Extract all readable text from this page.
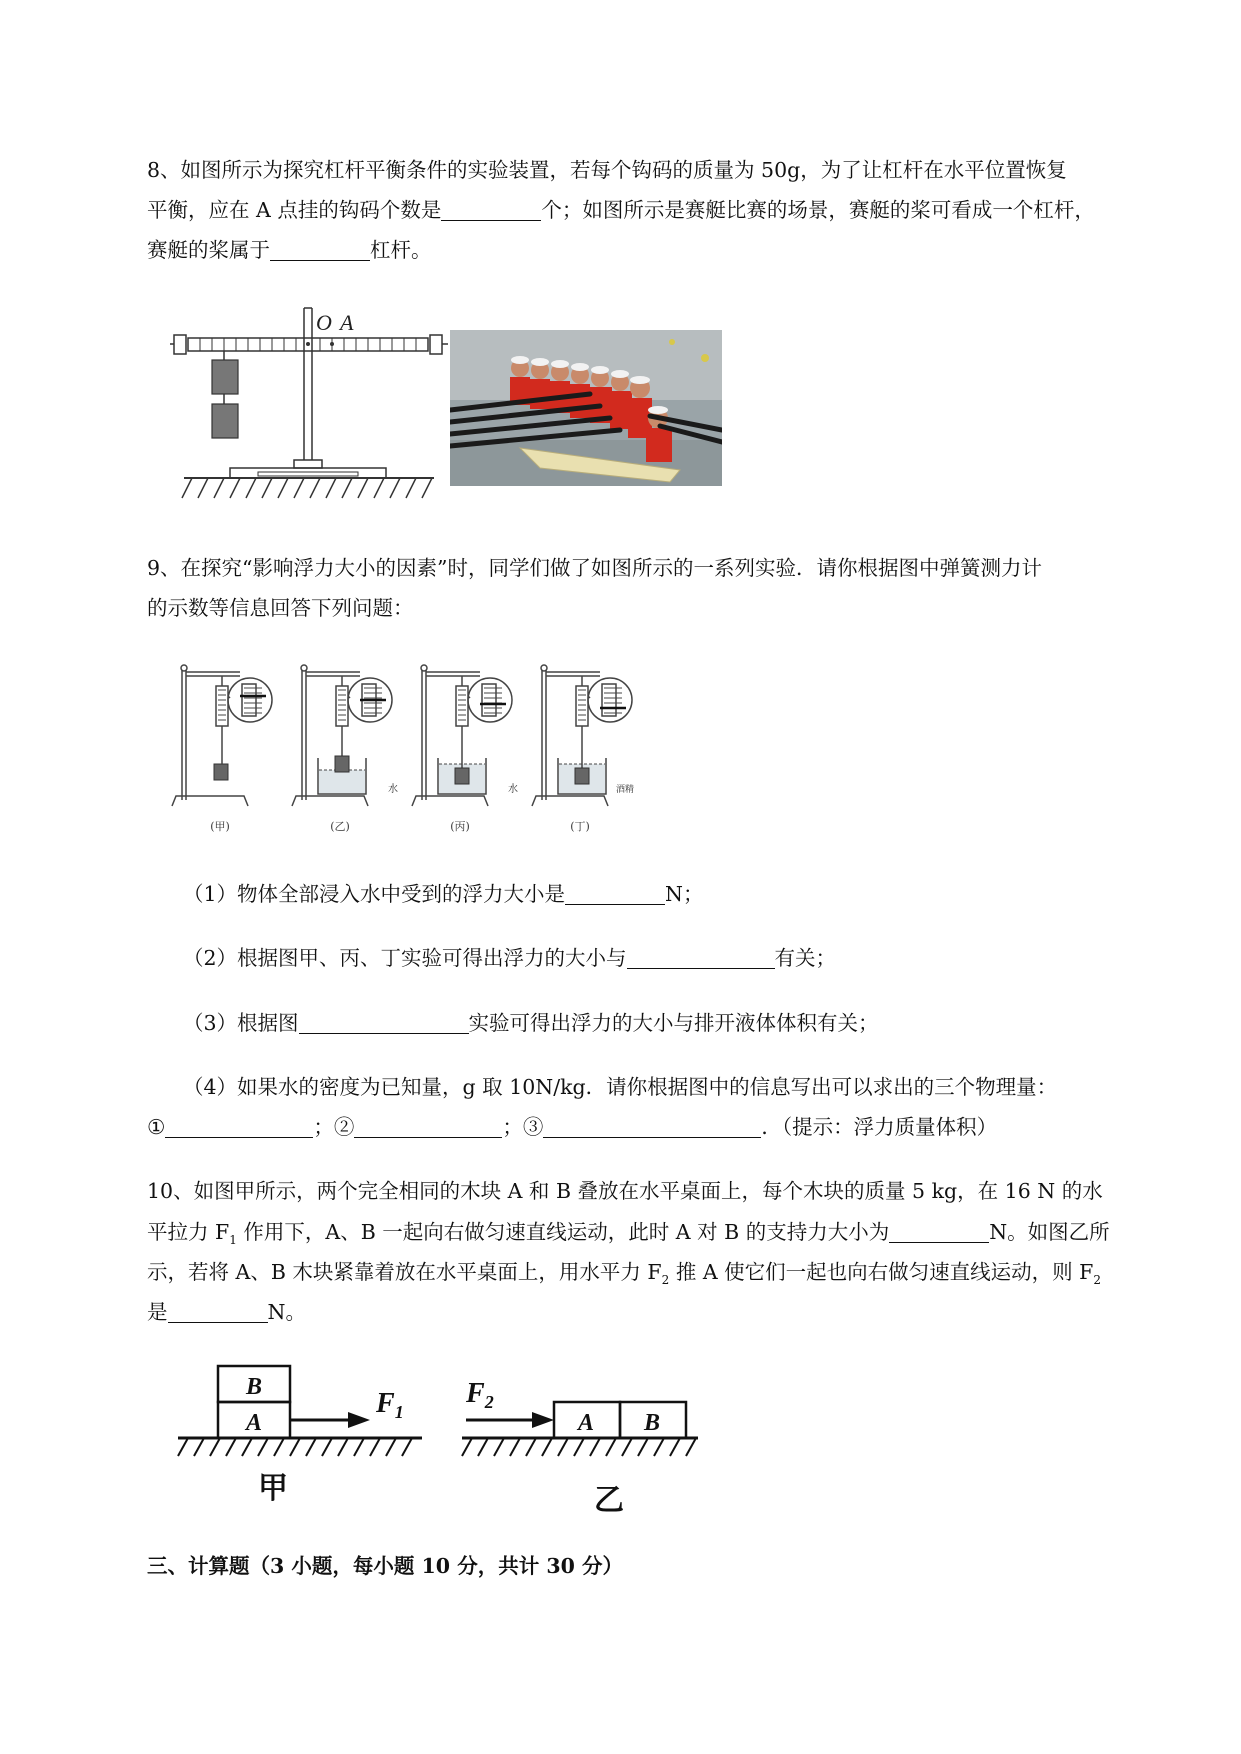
8、如图所示为探究杠杆平衡条件的实验装置，若每个钩码的质量为 50g，为了让杠杆在水平位置恢复
平衡，应在 A 点挂的钩码个数是	个；如图所示是赛艇比赛的场景，赛艇的桨可看成一个杠杆，
赛艇的桨属于	杠杆。
O A
9、在探究“影响浮力大小的因素”时，同学们做了如图所示的一系列实验．请你根据图中弹簧测力计
的示数等信息回答下列问题：
(甲)	(乙)	(丙)	(丁)
水	水	酒精
（1）物体全部浸入水中受到的浮力大小是	N；
（2）根据图甲、丙、丁实验可得出浮力的大小与	有关；
（3）根据图	实验可得出浮力的大小与排开液体体积有关；
（4）如果水的密度为已知量，g 取 10N/kg．请你根据图中的信息写出可以求出的三个物理量：
①	；②	；③	．（提示：浮力质量体积）
10、如图甲所示，两个完全相同的木块 A 和 B 叠放在水平桌面上，每个木块的质量 5 kg，在 16 N 的水
平拉力 $F_1$ 作用下，A、B 一起向右做匀速直线运动，此时 A 对 B 的支持力大小为	N。如图乙所
示，若将 A、B 木块紧靠着放在水平桌面上，用水平力 $F_2$ 推 A 使它们一起也向右做匀速直线运动，则 $F_2$
是	N。
B
A
$F_1$
甲
$F_2$
A B
乙
三、计算题（3 小题，每小题 10 分，共计 30 分）
